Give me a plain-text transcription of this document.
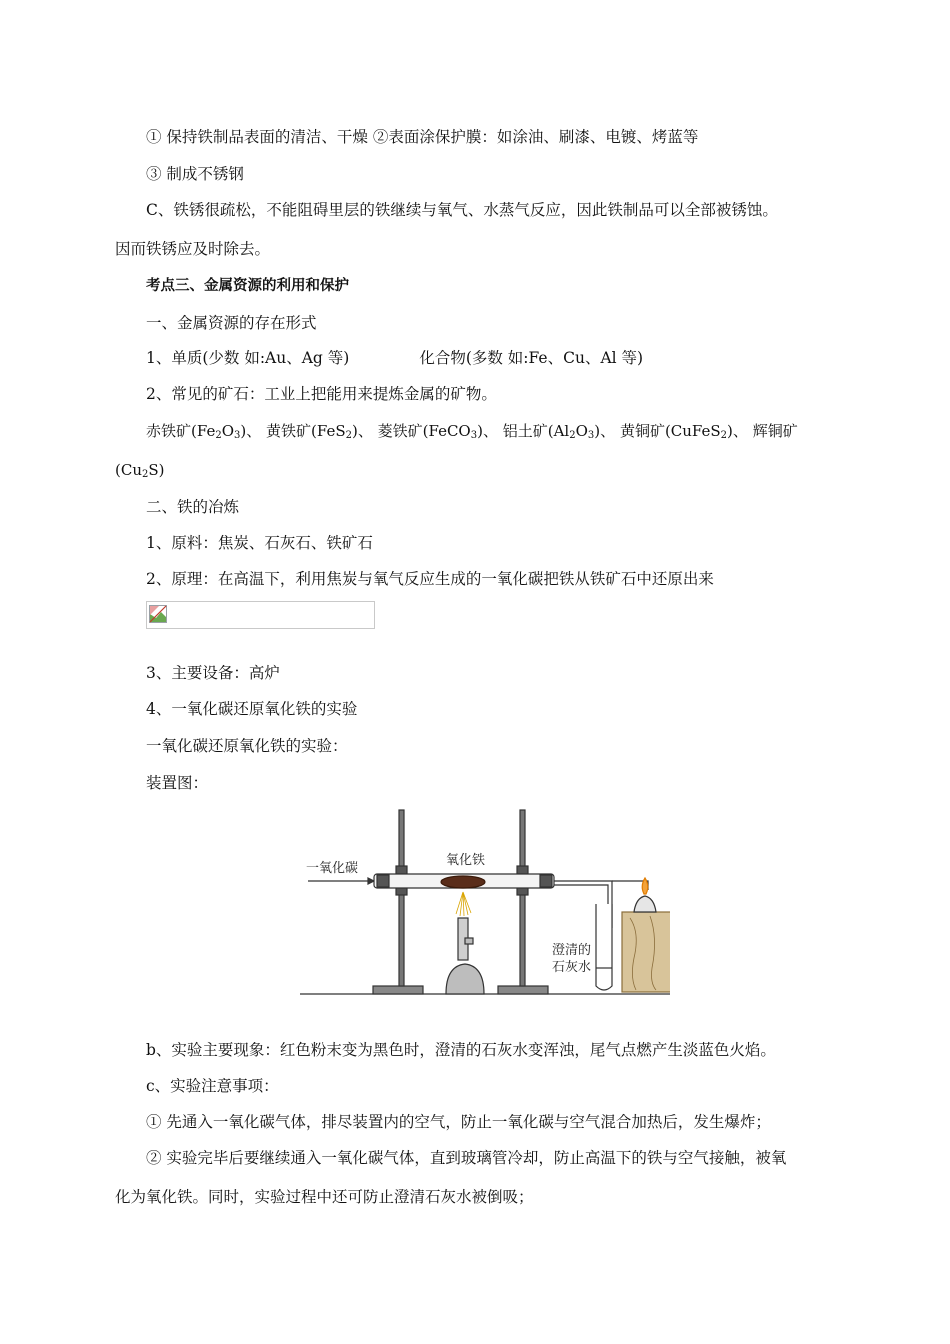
① 保持铁制品表面的清洁、干燥 ②表面涂保护膜：如涂油、刷漆、电镀、烤蓝等
③ 制成不锈钢
C、铁锈很疏松，不能阻碍里层的铁继续与氧气、水蒸气反应，因此铁制品可以全部被锈蚀。
因而铁锈应及时除去。
考点三、金属资源的利用和保护
一、金属资源的存在形式
1、单质(少数 如:Au、Ag 等)	化合物(多数 如:Fe、Cu、Al 等)
2、常见的矿石：工业上把能用来提炼金属的矿物。
赤铁矿$(Fe_2O_3)$、 黄铁矿(FeS$_2$)、 菱铁矿(FeCO$_3$)、 铝土矿$(Al_2O_3)$、 黄铜矿(CuFeS$_2$)、 辉铜矿
$(Cu_2S)$
二、铁的冶炼
1、原料：焦炭、石灰石、铁矿石
2、原理：在高温下，利用焦炭与氧气反应生成的一氧化碳把铁从铁矿石中还原出来
3、主要设备：高炉
4、一氧化碳还原氧化铁的实验
一氧化碳还原氧化铁的实验：
装置图：
一氧化碳
氧化铁
澄清的
石灰水
b、实验主要现象：红色粉末变为黑色时，澄清的石灰水变浑浊，尾气点燃产生淡蓝色火焰。
c、实验注意事项：
① 先通入一氧化碳气体，排尽装置内的空气，防止一氧化碳与空气混合加热后，发生爆炸；
② 实验完毕后要继续通入一氧化碳气体，直到玻璃管冷却，防止高温下的铁与空气接触，被氧
化为氧化铁。同时，实验过程中还可防止澄清石灰水被倒吸；
